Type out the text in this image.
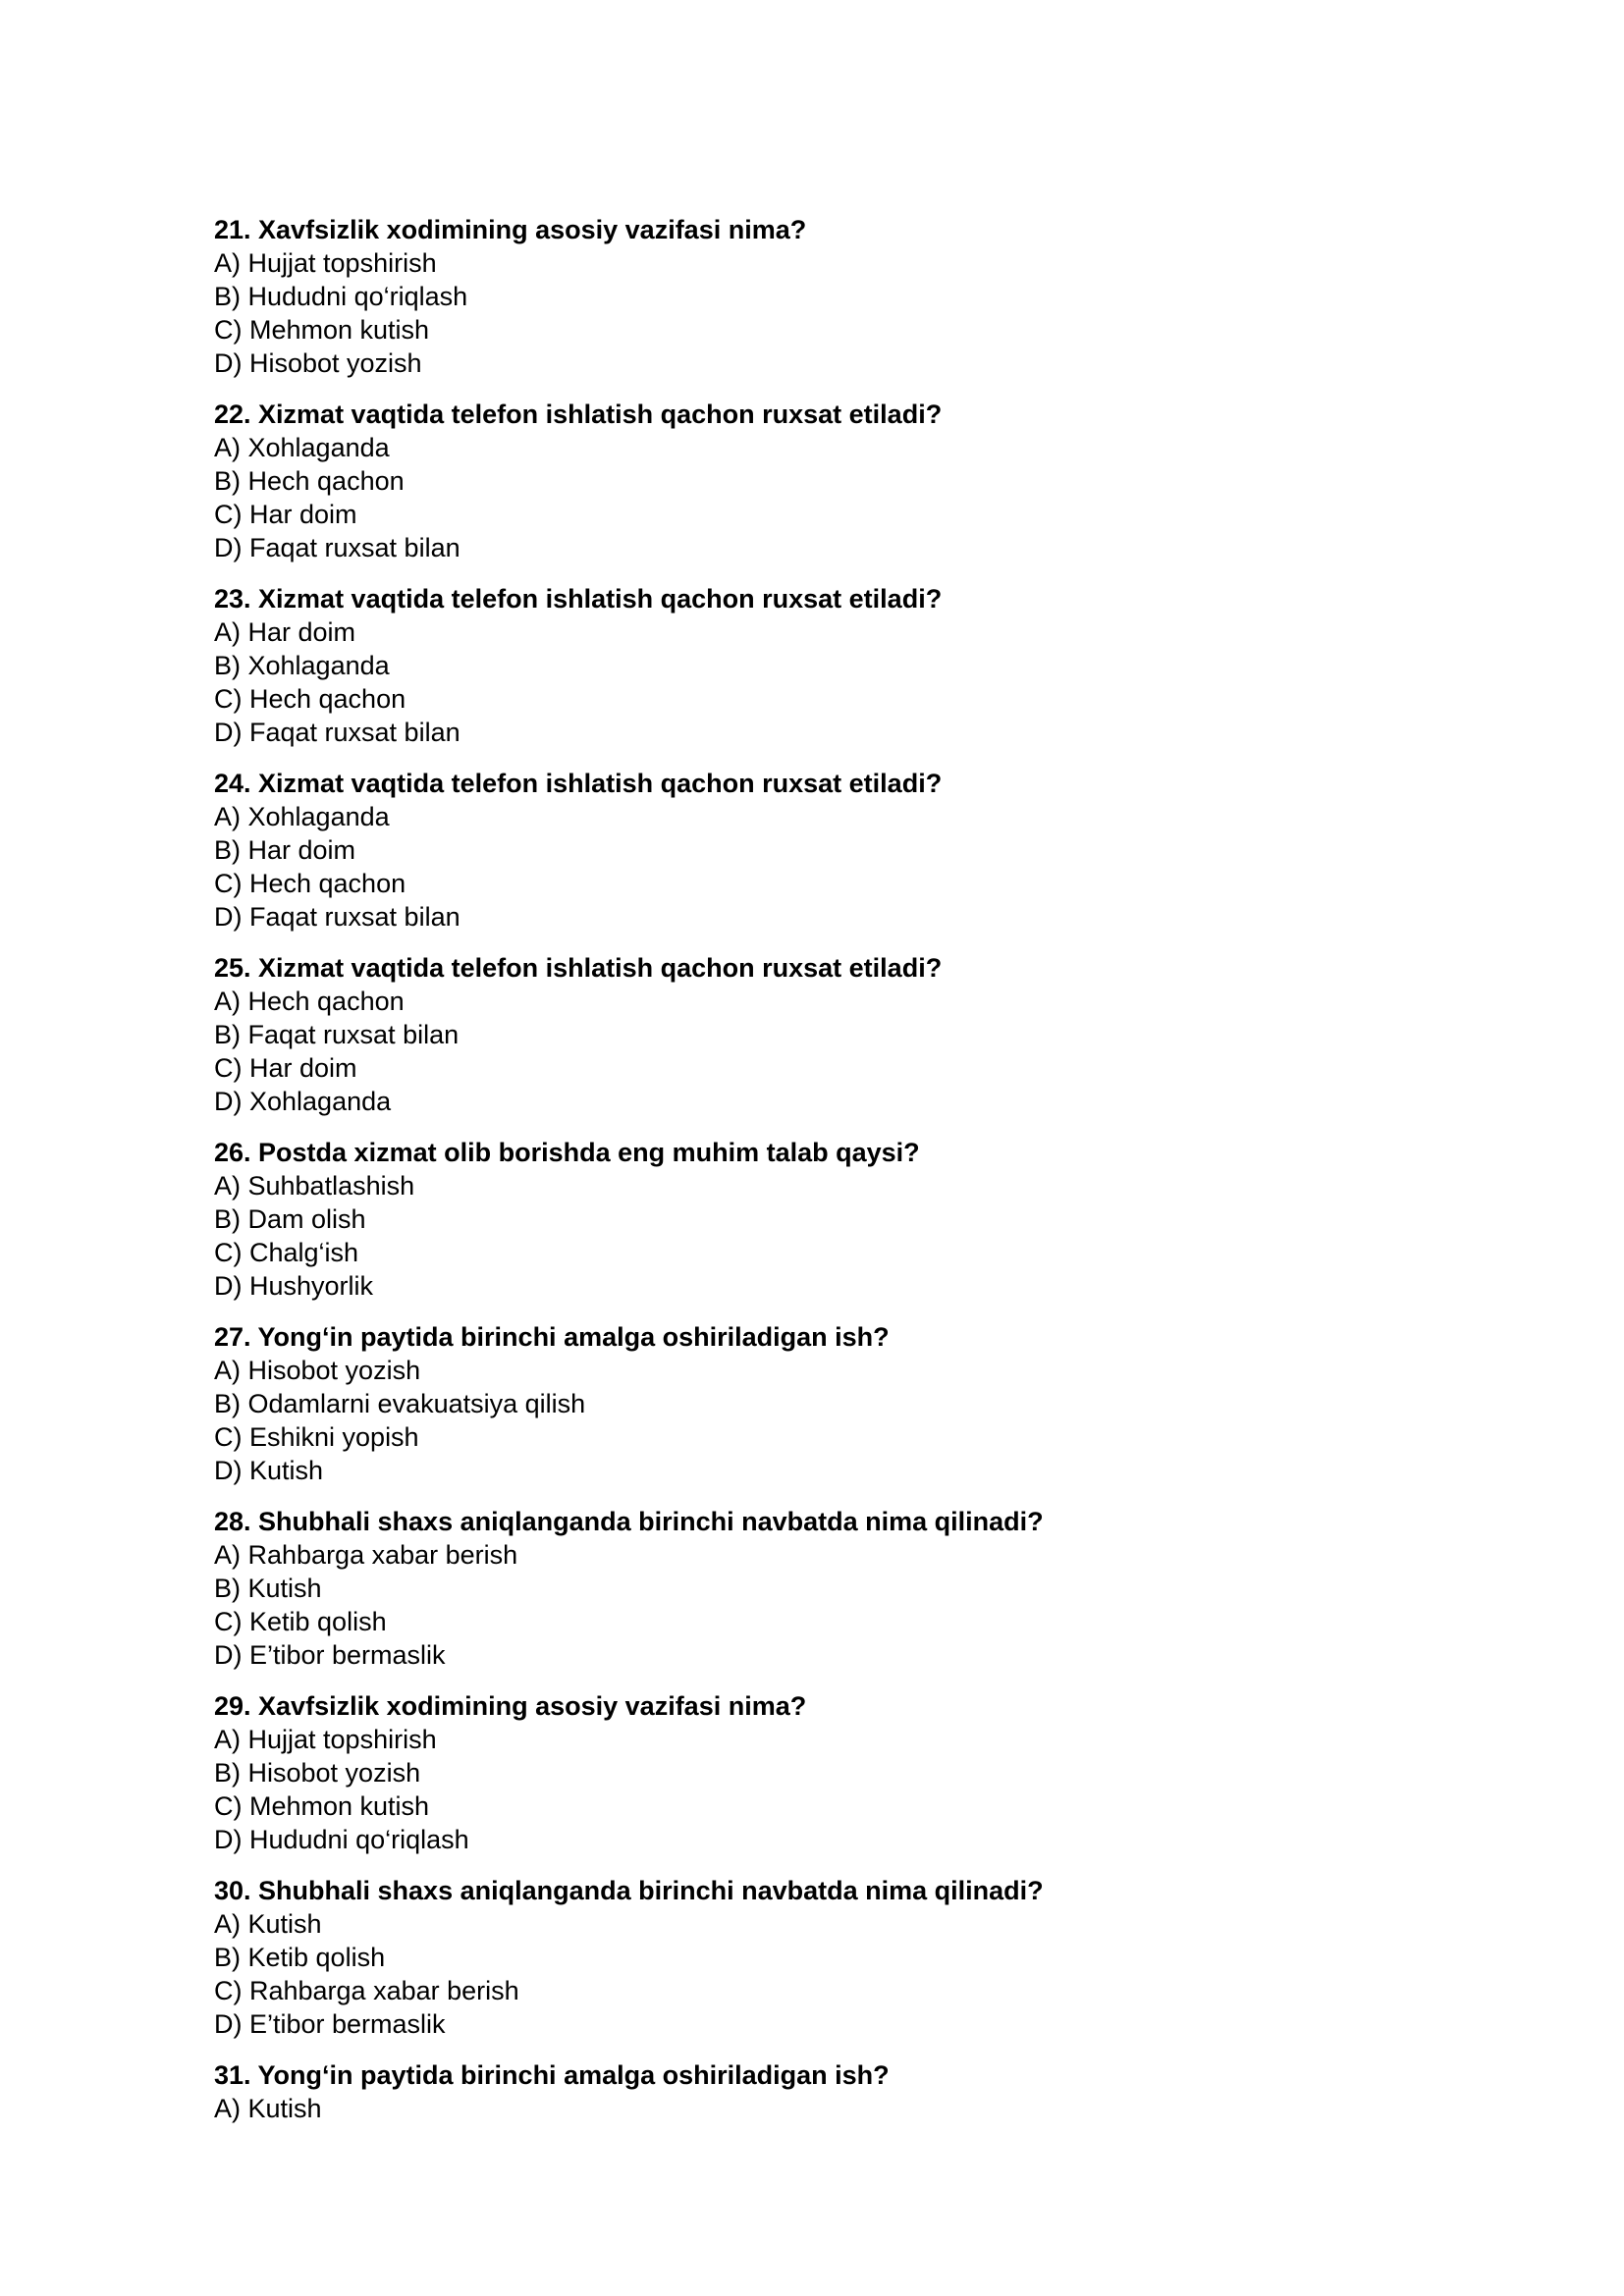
21. Xavfsizlik xodimining asosiy vazifasi nima?
A) Hujjat topshirish
B) Hududni qo‘riqlash
C) Mehmon kutish
D) Hisobot yozish
22. Xizmat vaqtida telefon ishlatish qachon ruxsat etiladi?
A) Xohlaganda
B) Hech qachon
C) Har doim
D) Faqat ruxsat bilan
23. Xizmat vaqtida telefon ishlatish qachon ruxsat etiladi?
A) Har doim
B) Xohlaganda
C) Hech qachon
D) Faqat ruxsat bilan
24. Xizmat vaqtida telefon ishlatish qachon ruxsat etiladi?
A) Xohlaganda
B) Har doim
C) Hech qachon
D) Faqat ruxsat bilan
25. Xizmat vaqtida telefon ishlatish qachon ruxsat etiladi?
A) Hech qachon
B) Faqat ruxsat bilan
C) Har doim
D) Xohlaganda
26. Postda xizmat olib borishda eng muhim talab qaysi?
A) Suhbatlashish
B) Dam olish
C) Chalg‘ish
D) Hushyorlik
27. Yong‘in paytida birinchi amalga oshiriladigan ish?
A) Hisobot yozish
B) Odamlarni evakuatsiya qilish
C) Eshikni yopish
D) Kutish
28. Shubhali shaxs aniqlanganda birinchi navbatda nima qilinadi?
A) Rahbarga xabar berish
B) Kutish
C) Ketib qolish
D) E’tibor bermaslik
29. Xavfsizlik xodimining asosiy vazifasi nima?
A) Hujjat topshirish
B) Hisobot yozish
C) Mehmon kutish
D) Hududni qo‘riqlash
30. Shubhali shaxs aniqlanganda birinchi navbatda nima qilinadi?
A) Kutish
B) Ketib qolish
C) Rahbarga xabar berish
D) E’tibor bermaslik
31. Yong‘in paytida birinchi amalga oshiriladigan ish?
A) Kutish
